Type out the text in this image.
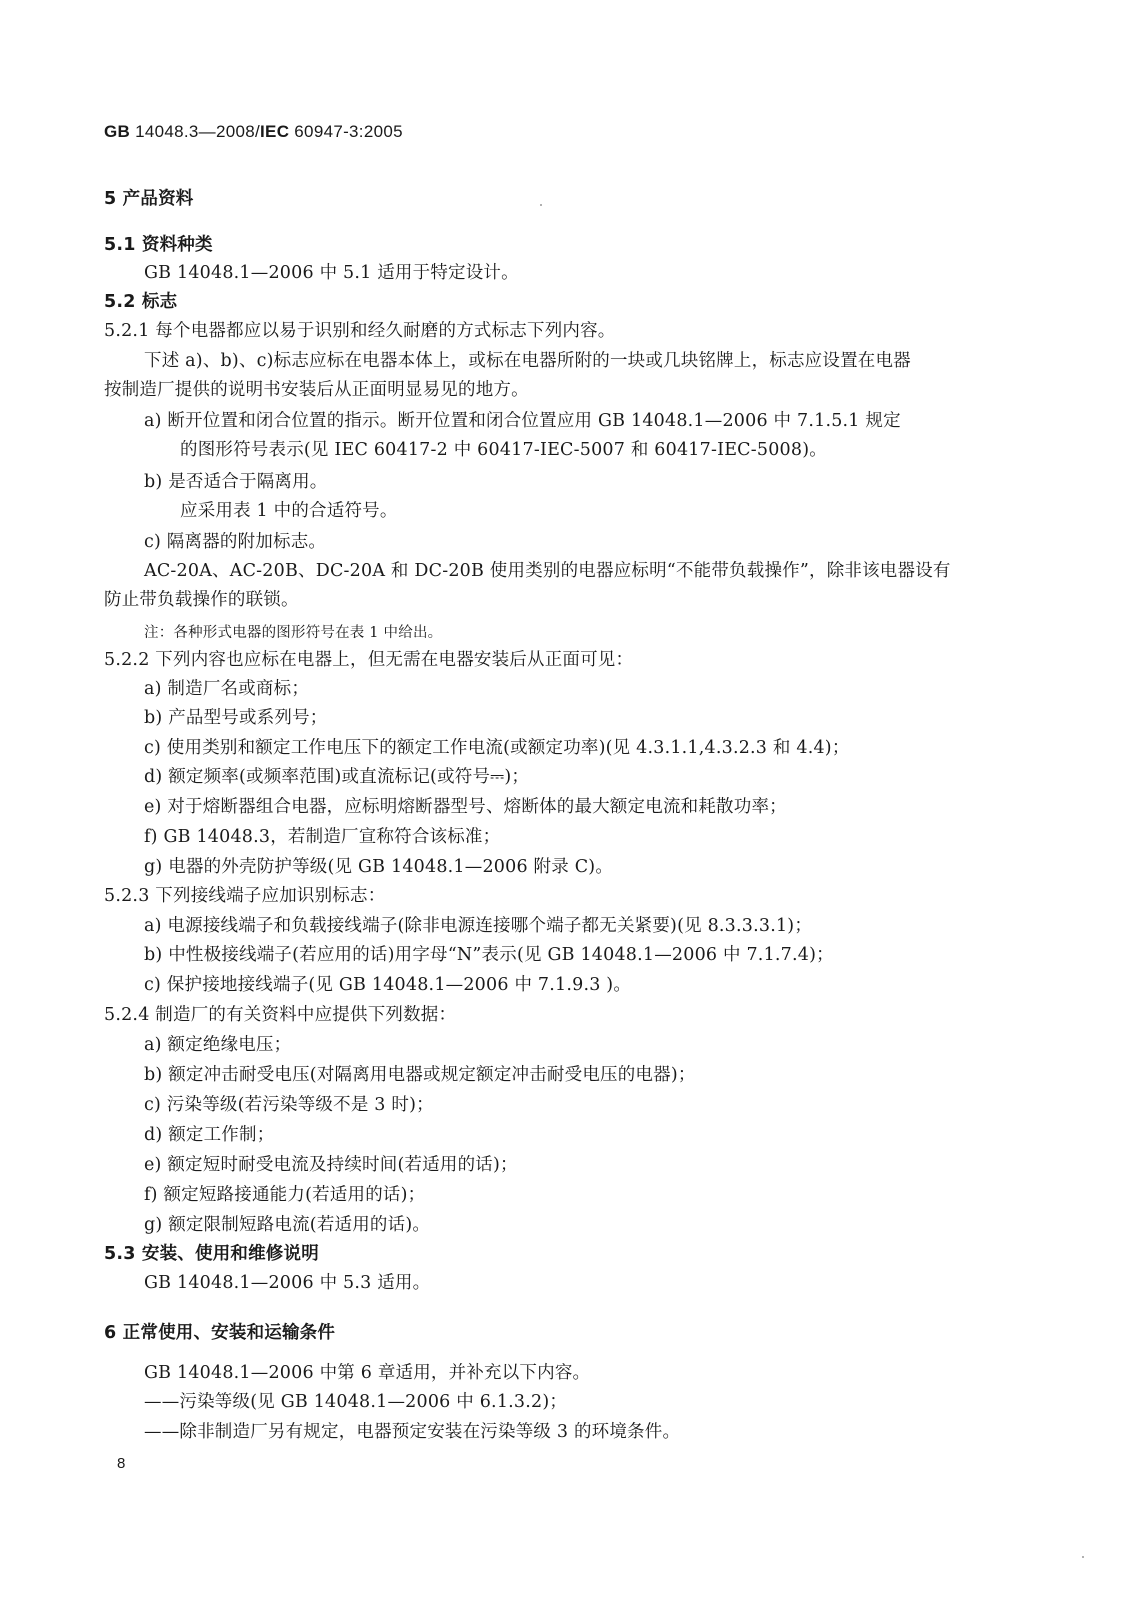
GB 14048.3—2008/IEC 60947-3:2005
5 产品资料
5.1 资料种类
GB 14048.1—2006 中 5.1 适用于特定设计。
5.2 标志
5.2.1 每个电器都应以易于识别和经久耐磨的方式标志下列内容。
下述 a)、b)、c)标志应标在电器本体上，或标在电器所附的一块或几块铭牌上，标志应设置在电器
按制造厂提供的说明书安装后从正面明显易见的地方。
a) 断开位置和闭合位置的指示。断开位置和闭合位置应用 GB 14048.1—2006 中 7.1.5.1 规定
的图形符号表示(见 IEC 60417-2 中 60417-IEC-5007 和 60417-IEC-5008)。
b) 是否适合于隔离用。
应采用表 1 中的合适符号。
c) 隔离器的附加标志。
AC-20A、AC-20B、DC-20A 和 DC-20B 使用类别的电器应标明“不能带负载操作”，除非该电器设有
防止带负载操作的联锁。
注：各种形式电器的图形符号在表 1 中给出。
5.2.2 下列内容也应标在电器上，但无需在电器安装后从正面可见：
a) 制造厂名或商标；
b) 产品型号或系列号；
c) 使用类别和额定工作电压下的额定工作电流(或额定功率)(见 4.3.1.1,4.3.2.3 和 4.4)；
d) 额定频率(或频率范围)或直流标记(或符号⎓)；
e) 对于熔断器组合电器，应标明熔断器型号、熔断体的最大额定电流和耗散功率；
f) GB 14048.3，若制造厂宣称符合该标准；
g) 电器的外壳防护等级(见 GB 14048.1—2006 附录 C)。
5.2.3 下列接线端子应加识别标志：
a) 电源接线端子和负载接线端子(除非电源连接哪个端子都无关紧要)(见 8.3.3.3.1)；
b) 中性极接线端子(若应用的话)用字母“N”表示(见 GB 14048.1—2006 中 7.1.7.4)；
c) 保护接地接线端子(见 GB 14048.1—2006 中 7.1.9.3 )。
5.2.4 制造厂的有关资料中应提供下列数据：
a) 额定绝缘电压；
b) 额定冲击耐受电压(对隔离用电器或规定额定冲击耐受电压的电器)；
c) 污染等级(若污染等级不是 3 时)；
d) 额定工作制；
e) 额定短时耐受电流及持续时间(若适用的话)；
f) 额定短路接通能力(若适用的话)；
g) 额定限制短路电流(若适用的话)。
5.3 安装、使用和维修说明
GB 14048.1—2006 中 5.3 适用。
6 正常使用、安装和运输条件
GB 14048.1—2006 中第 6 章适用，并补充以下内容。
——污染等级(见 GB 14048.1—2006 中 6.1.3.2)；
——除非制造厂另有规定，电器预定安装在污染等级 3 的环境条件。
8
